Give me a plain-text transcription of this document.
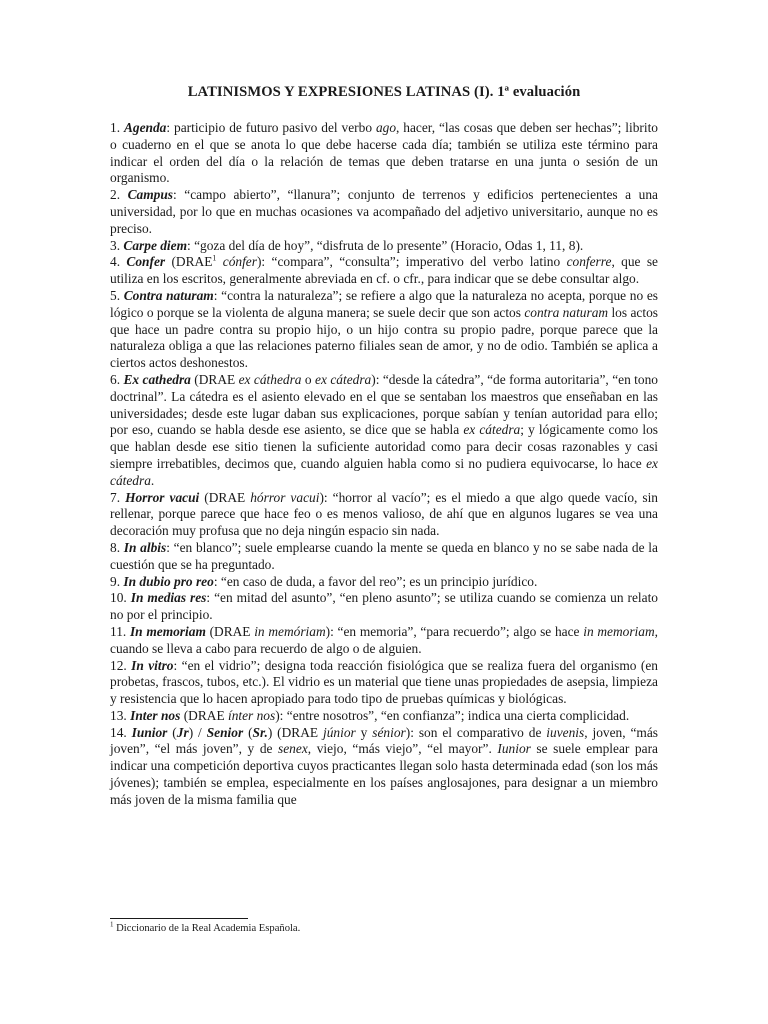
LATINISMOS Y EXPRESIONES LATINAS (I). 1ª evaluación

1. Agenda: participio de futuro pasivo del verbo ago, hacer, “las cosas que deben ser hechas”; librito o cuaderno en el que se anota lo que debe hacerse cada día; también se utiliza este término para indicar el orden del día o la relación de temas que deben tratarse en una junta o sesión de un organismo.

2. Campus: “campo abierto”, “llanura”; conjunto de terrenos y edificios pertenecientes a una universidad, por lo que en muchas ocasiones va acompañado del adjetivo universitario, aunque no es preciso.

3. Carpe diem: “goza del día de hoy”, “disfruta de lo presente” (Horacio, Odas 1, 11, 8).

4. Confer (DRAE$^1$ cónfer): “compara”, “consulta”; imperativo del verbo latino conferre, que se utiliza en los escritos, generalmente abreviada en cf. o cfr., para indicar que se debe consultar algo.

5. Contra naturam: “contra la naturaleza”; se refiere a algo que la naturaleza no acepta, porque no es lógico o porque se la violenta de alguna manera; se suele decir que son actos contra naturam los actos que hace un padre contra su propio hijo, o un hijo contra su propio padre, porque parece que la naturaleza obliga a que las relaciones paterno filiales sean de amor, y no de odio. También se aplica a ciertos actos deshonestos.

6. Ex cathedra (DRAE ex cáthedra o ex cátedra): “desde la cátedra”, “de forma autoritaria”, “en tono doctrinal”. La cátedra es el asiento elevado en el que se sentaban los maestros que enseñaban en las universidades; desde este lugar daban sus explicaciones, porque sabían y tenían autoridad para ello; por eso, cuando se habla desde ese asiento, se dice que se habla ex cátedra; y lógicamente como los que hablan desde ese sitio tienen la suficiente autoridad como para decir cosas razonables y casi siempre irrebatibles, decimos que, cuando alguien habla como si no pudiera equivocarse, lo hace ex cátedra.

7. Horror vacui (DRAE hórror vacui): “horror al vacío”; es el miedo a que algo quede vacío, sin rellenar, porque parece que hace feo o es menos valioso, de ahí que en algunos lugares se vea una decoración muy profusa que no deja ningún espacio sin nada.

8. In albis: “en blanco”; suele emplearse cuando la mente se queda en blanco y no se sabe nada de la cuestión que se ha preguntado.

9. In dubio pro reo: “en caso de duda, a favor del reo”; es un principio jurídico.

10. In medias res: “en mitad del asunto”, “en pleno asunto”; se utiliza cuando se comienza un relato no por el principio.

11. In memoriam (DRAE in memóriam): “en memoria”, “para recuerdo”; algo se hace in memoriam, cuando se lleva a cabo para recuerdo de algo o de alguien.

12. In vitro: “en el vidrio”; designa toda reacción fisiológica que se realiza fuera del organismo (en probetas, frascos, tubos, etc.). El vidrio es un material que tiene unas propiedades de asepsia, limpieza y resistencia que lo hacen apropiado para todo tipo de pruebas químicas y biológicas.

13. Inter nos (DRAE ínter nos): “entre nosotros”, “en confianza”; indica una cierta complicidad.

14. Iunior (Jr) / Senior (Sr.) (DRAE júnior y sénior): son el comparativo de iuvenis, joven, “más joven”, “el más joven”, y de senex, viejo, “más viejo”, “el mayor”. Iunior se suele emplear para indicar una competición deportiva cuyos practicantes llegan solo hasta determinada edad (son los más jóvenes); también se emplea, especialmente en los países anglosajones, para designar a un miembro más joven de la misma familia que

$^1$ Diccionario de la Real Academia Española.
